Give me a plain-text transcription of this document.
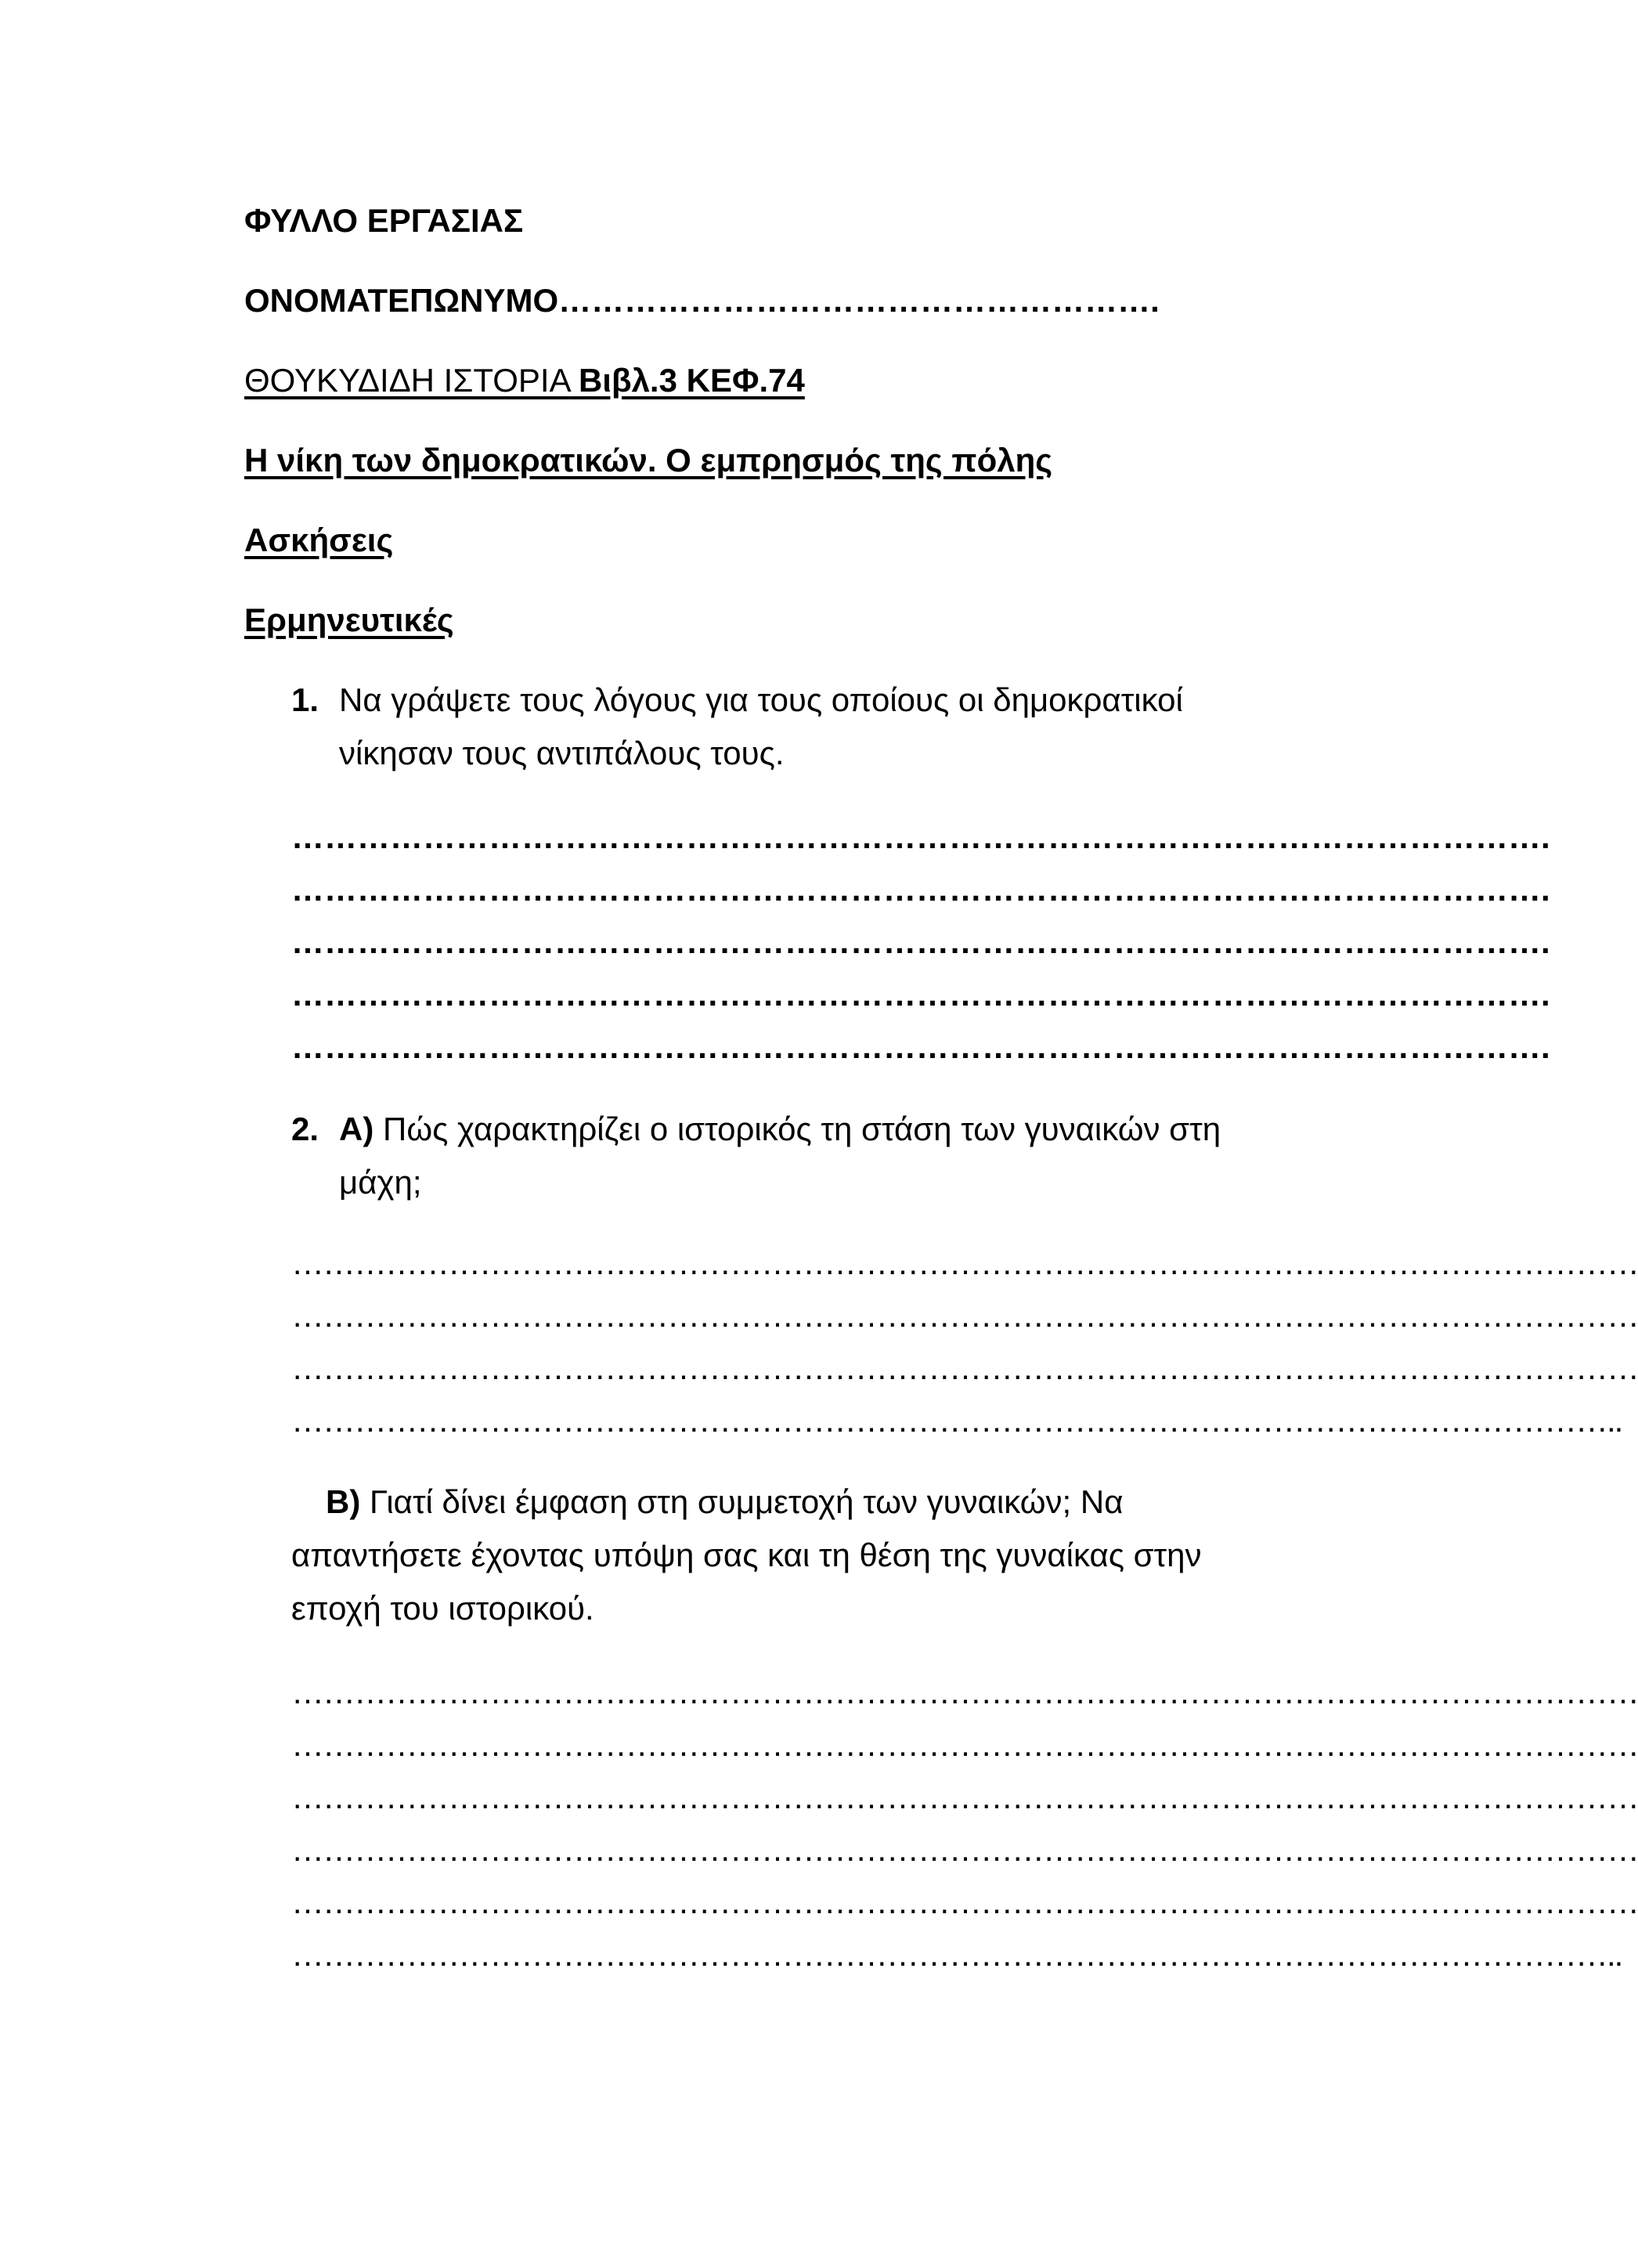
ΦΥΛΛΟ ΕΡΓΑΣΙΑΣ
ΟΝΟΜΑΤΕΠΩΝΥΜΟ……………………………………………….
ΘΟΥΚΥΔΙΔΗ ΙΣΤΟΡΙΑ Βιβλ.3 ΚΕΦ.74
Η νίκη των δημοκρατικών. Ο εμπρησμός της πόλης
Ασκήσεις
Ερμηνευτικές
1. Να γράψετε τους λόγους για τους οποίους οι δημοκρατικοί
νίκησαν τους αντιπάλους τους.
…………………………………………………………………………………………………….
…………………………………………………………………………………………………….
…………………………………………………………………………………………………….
…………………………………………………………………………………………………….
…………………………………………………………………………………………………….
2. Α) Πώς χαρακτηρίζει ο ιστορικός τη στάση των γυναικών στη
μάχη;
…………………………………………………………………………………………………………………
…………………………………………………………………………………………………………………
…………………………………………………………………………………………………………………
………………………………………………………………………………………………………………..
Β) Γιατί δίνει έμφαση στη συμμετοχή των γυναικών; Να
απαντήσετε έχοντας υπόψη σας και τη θέση της γυναίκας στην
εποχή του ιστορικού.
…………………………………………………………………………………………………………………
…………………………………………………………………………………………………………………
…………………………………………………………………………………………………………………
…………………………………………………………………………………………………………………
…………………………………………………………………………………………………………………
………………………………………………………………………………………………………………..
